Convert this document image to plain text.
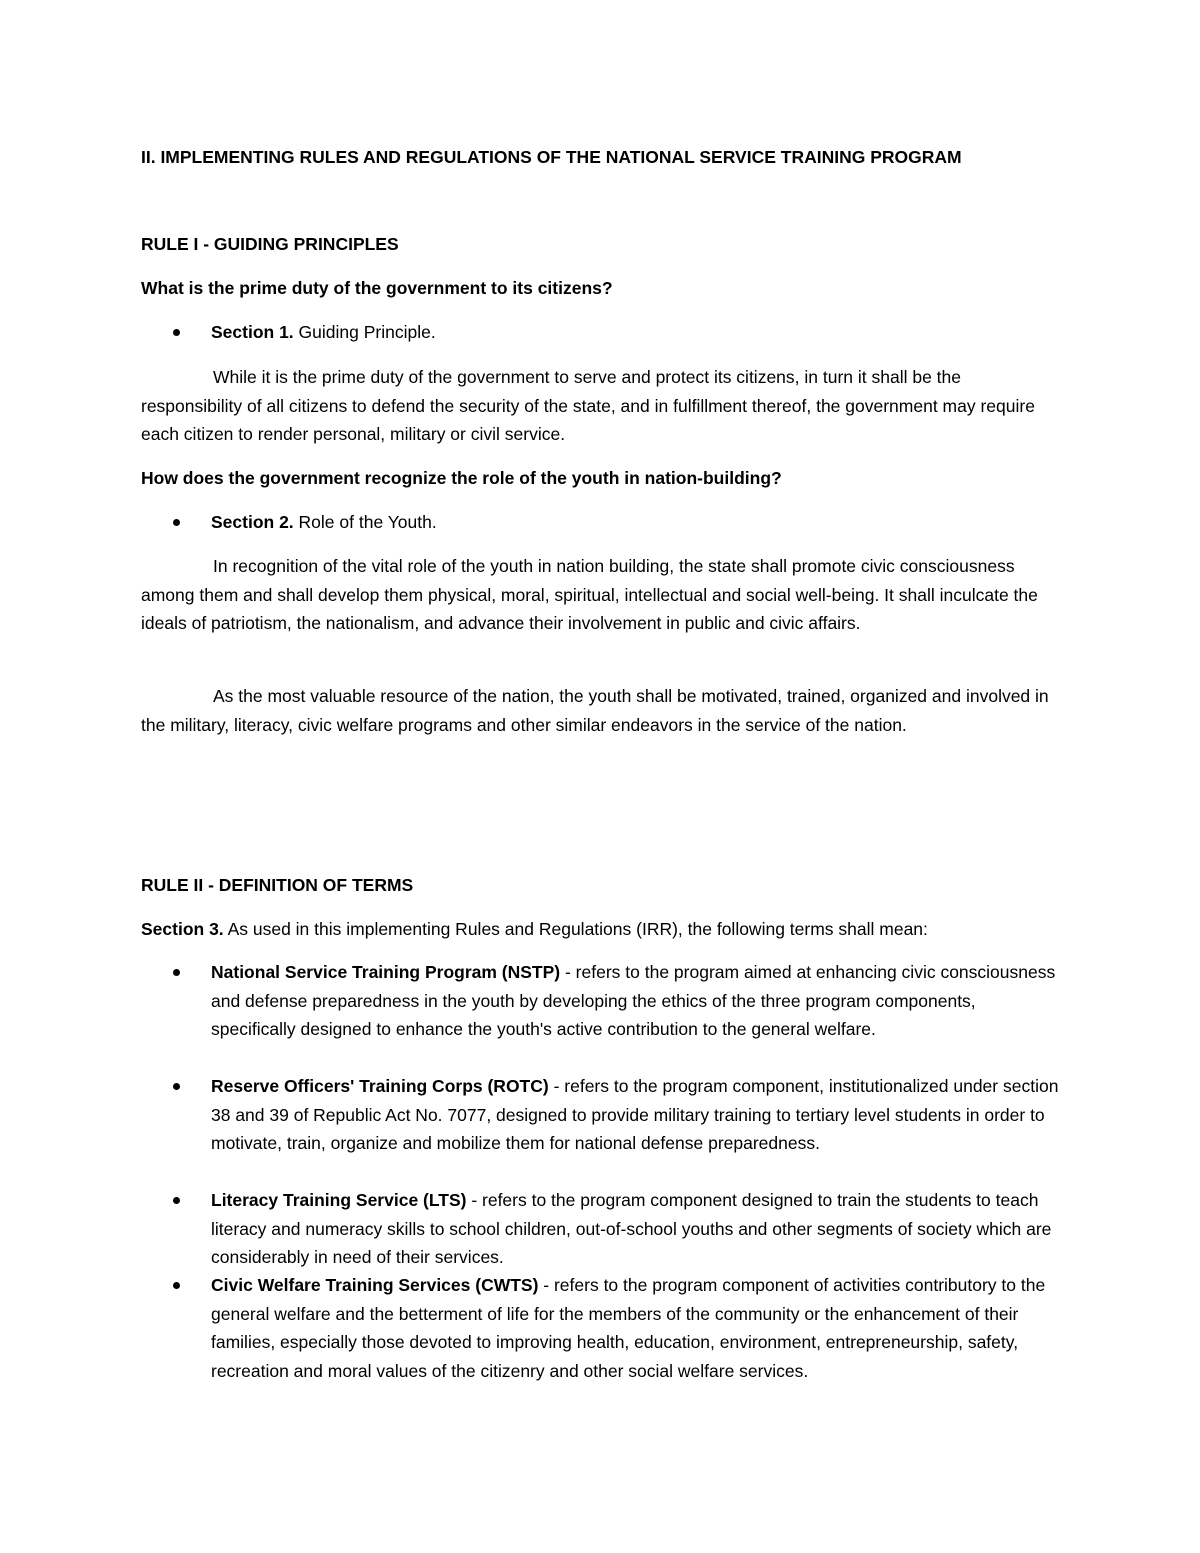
II. IMPLEMENTING RULES AND REGULATIONS OF THE NATIONAL SERVICE TRAINING PROGRAM

RULE I - GUIDING PRINCIPLES

What is the prime duty of the government to its citizens?

Section 1. Guiding Principle.

While it is the prime duty of the government to serve and protect its citizens, in turn it shall be the responsibility of all citizens to defend the security of the state, and in fulfillment thereof, the government may require each citizen to render personal, military or civil service.

How does the government recognize the role of the youth in nation-building?

Section 2. Role of the Youth.

In recognition of the vital role of the youth in nation building, the state shall promote civic consciousness among them and shall develop them physical, moral, spiritual, intellectual and social well-being. It shall inculcate the ideals of patriotism, the nationalism, and advance their involvement in public and civic affairs.

As the most valuable resource of the nation, the youth shall be motivated, trained, organized and involved in the military, literacy, civic welfare programs and other similar endeavors in the service of the nation.

RULE II - DEFINITION OF TERMS

Section 3. As used in this implementing Rules and Regulations (IRR), the following terms shall mean:

National Service Training Program (NSTP) - refers to the program aimed at enhancing civic consciousness and defense preparedness in the youth by developing the ethics of the three program components, specifically designed to enhance the youth's active contribution to the general welfare.

Reserve Officers' Training Corps (ROTC) - refers to the program component, institutionalized under section 38 and 39 of Republic Act No. 7077, designed to provide military training to tertiary level students in order to motivate, train, organize and mobilize them for national defense preparedness.

Literacy Training Service (LTS) - refers to the program component designed to train the students to teach literacy and numeracy skills to school children, out-of-school youths and other segments of society which are considerably in need of their services.

Civic Welfare Training Services (CWTS) - refers to the program component of activities contributory to the general welfare and the betterment of life for the members of the community or the enhancement of their families, especially those devoted to improving health, education, environment, entrepreneurship, safety, recreation and moral values of the citizenry and other social welfare services.
